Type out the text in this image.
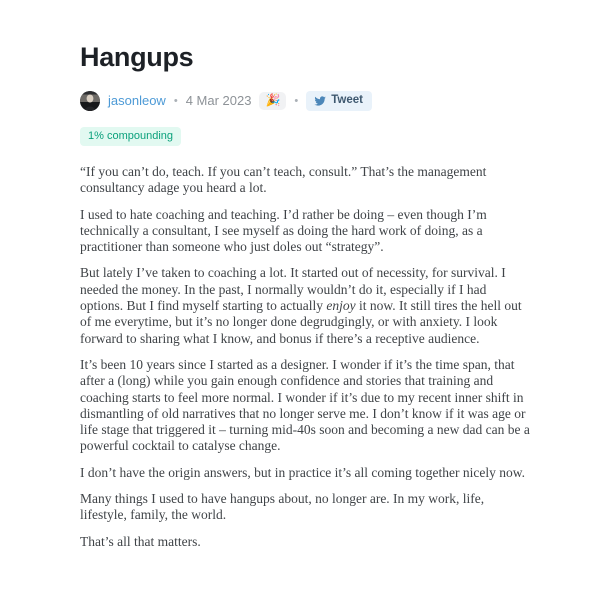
Hangups
jasonleow • 4 Mar 2023	🎉	•	Tweet
1% compounding

“If you can’t do, teach. If you can’t teach, consult.” That’s the management consultancy adage you heard a lot.

I used to hate coaching and teaching. I’d rather be doing – even though I’m technically a consultant, I see myself as doing the hard work of doing, as a practitioner than someone who just doles out “strategy”.

But lately I’ve taken to coaching a lot. It started out of necessity, for survival. I needed the money. In the past, I normally wouldn’t do it, especially if I had options. But I find myself starting to actually enjoy it now. It still tires the hell out of me everytime, but it’s no longer done degrudgingly, or with anxiety. I look forward to sharing what I know, and bonus if there’s a receptive audience.

It’s been 10 years since I started as a designer. I wonder if it’s the time span, that after a (long) while you gain enough confidence and stories that training and coaching starts to feel more normal. I wonder if it’s due to my recent inner shift in dismantling of old narratives that no longer serve me. I don’t know if it was age or life stage that triggered it – turning mid-40s soon and becoming a new dad can be a powerful cocktail to catalyse change.

I don’t have the origin answers, but in practice it’s all coming together nicely now.

Many things I used to have hangups about, no longer are. In my work, life, lifestyle, family, the world.

That’s all that matters.
